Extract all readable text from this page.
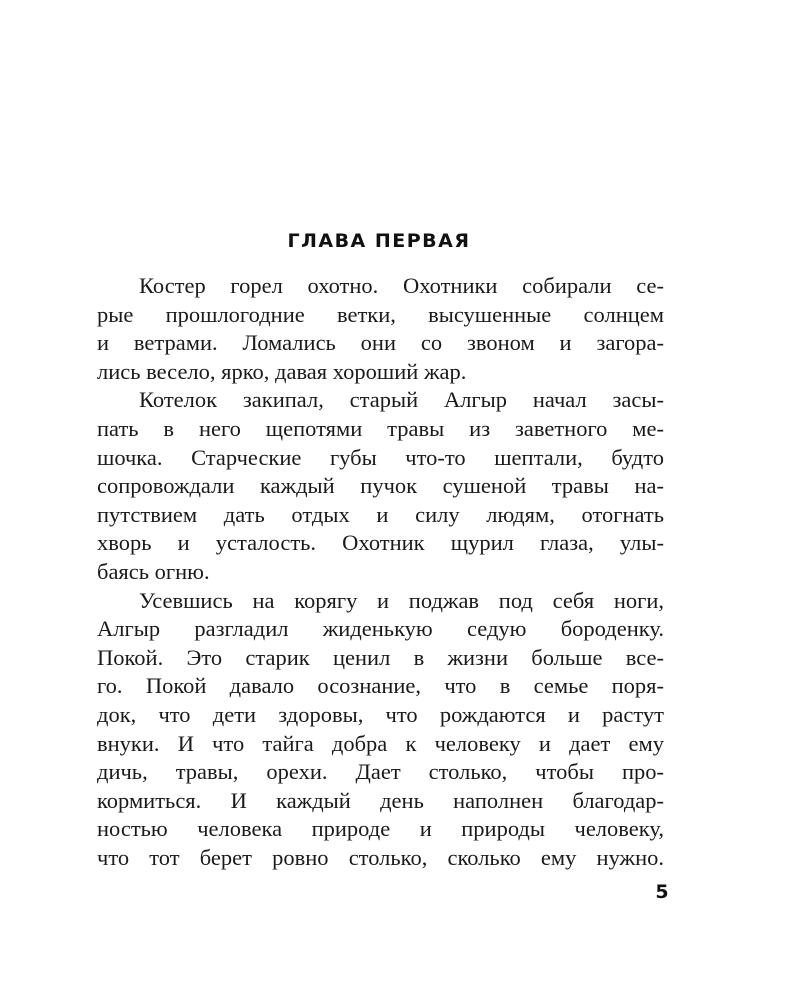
ГЛАВА ПЕРВАЯ
Костер горел охотно. Охотники собирали се-
рые прошлогодние ветки, высушенные солнцем
и ветрами. Ломались они со звоном и загора-
лись весело, ярко, давая хороший жар.
Котелок закипал, старый Алгыр начал засы-
пать в него щепотями травы из заветного ме-
шочка. Старческие губы что-то шептали, будто
сопровождали каждый пучок сушеной травы на-
путствием дать отдых и силу людям, отогнать
хворь и усталость. Охотник щурил глаза, улы-
баясь огню.
Усевшись на корягу и поджав под себя ноги,
Алгыр разгладил жиденькую седую бороденку.
Покой. Это старик ценил в жизни больше все-
го. Покой давало осознание, что в семье поря-
док, что дети здоровы, что рождаются и растут
внуки. И что тайга добра к человеку и дает ему
дичь, травы, орехи. Дает столько, чтобы про-
кормиться. И каждый день наполнен благодар-
ностью человека природе и природы человеку,
что тот берет ровно столько, сколько ему нужно.
5
